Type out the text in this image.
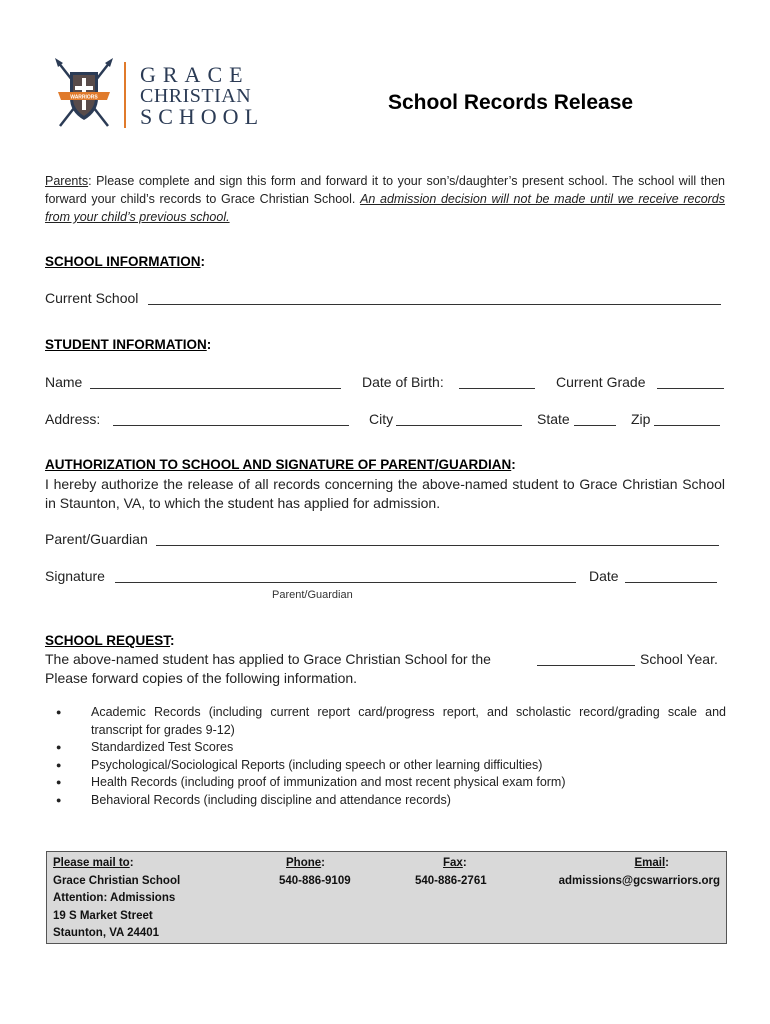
WARRIORS
GRACE
CHRISTIAN
SCHOOL
School Records Release
Parents: Please complete and sign this form and forward it to your son’s/daughter’s present school. The school will then forward your child’s records to Grace Christian School. An admission decision will not be made until we receive records from your child’s previous school.
SCHOOL INFORMATION:
Current School
STUDENT INFORMATION:
Name	Date of Birth:	Current Grade
Address:	City	State	Zip
AUTHORIZATION TO SCHOOL AND SIGNATURE OF PARENT/GUARDIAN:
I hereby authorize the release of all records concerning the above-named student to Grace Christian School in Staunton, VA, to which the student has applied for admission.
Parent/Guardian
Signature	Date
Parent/Guardian
SCHOOL REQUEST:
The above-named student has applied to Grace Christian School for the	School Year.
Please forward copies of the following information.
● Academic Records (including current report card/progress report, and scholastic record/grading scale and transcript for grades 9-12)
● Standardized Test Scores
● Psychological/Sociological Reports (including speech or other learning difficulties)
● Health Records (including proof of immunization and most recent physical exam form)
● Behavioral Records (including discipline and attendance records)
Please mail to:
Grace Christian School
Attention: Admissions
19 S Market Street
Staunton, VA 24401
Phone:
540-886-9109
Fax:
540-886-2761
Email:
admissions@gcswarriors.org
